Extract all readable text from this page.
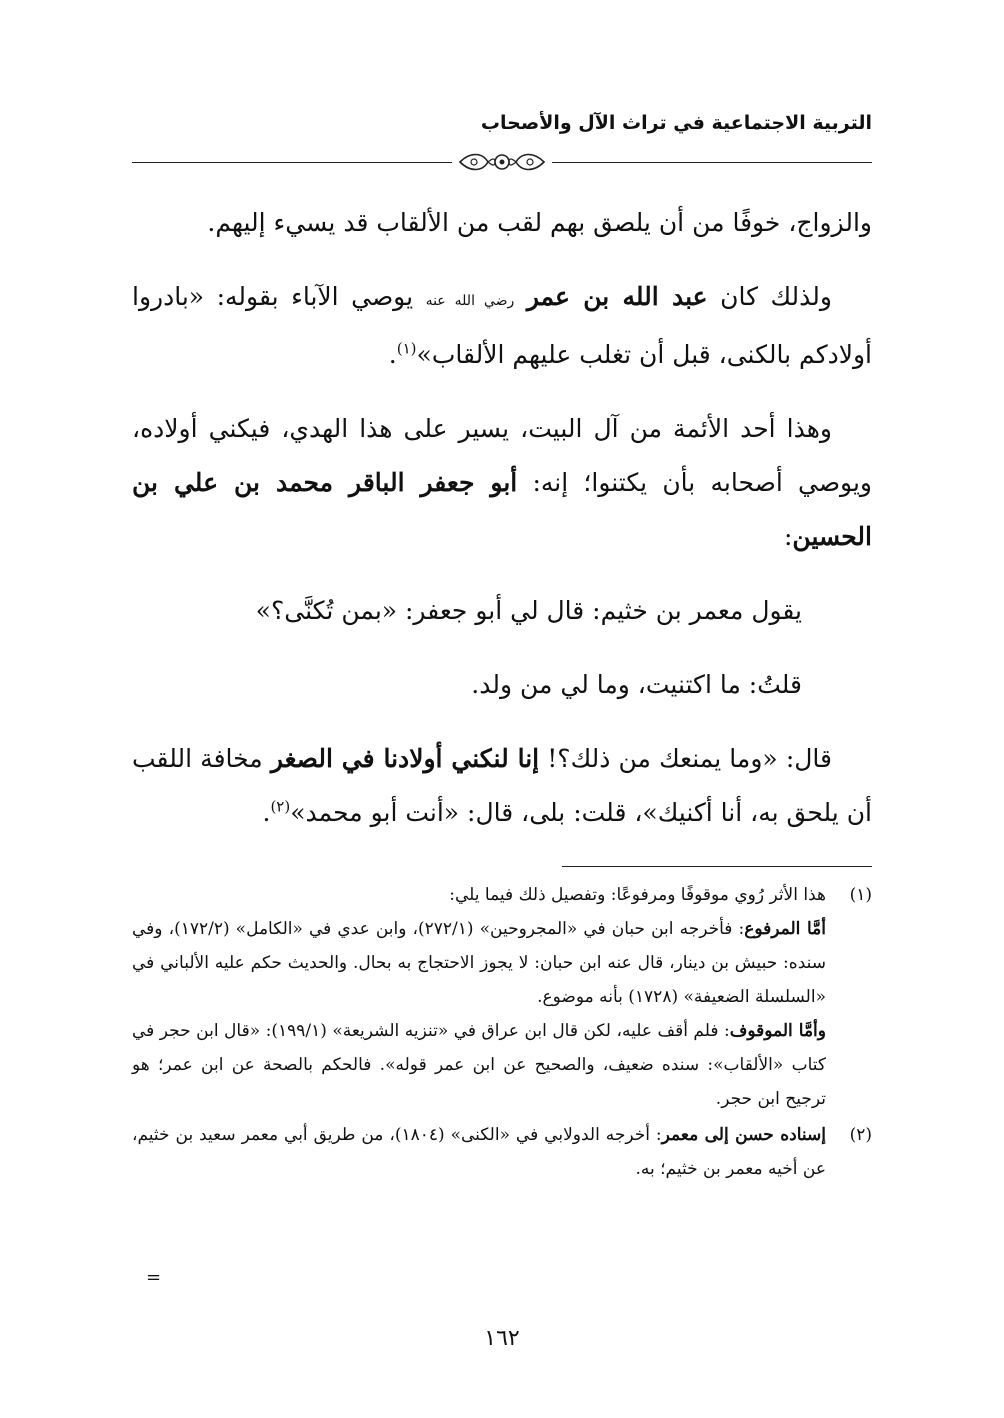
التربية الاجتماعية في تراث الآل والأصحاب

والزواج، خوفًا من أن يلصق بهم لقب من الألقاب قد يسيء إليهم.

ولذلك كان عبد الله بن عمر رضي الله عنه يوصي الآباء بقوله: «بادروا أولادكم بالكنى، قبل أن تغلب عليهم الألقاب»$^{(١)}$.

وهذا أحد الأئمة من آل البيت، يسير على هذا الهدي، فيكني أولاده، ويوصي أصحابه بأن يكتنوا؛ إنه: أبو جعفر الباقر محمد بن علي بن الحسين:

يقول معمر بن خثيم: قال لي أبو جعفر: «بمن تُكنَّى؟»

قلتُ: ما اكتنيت، وما لي من ولد.

قال: «وما يمنعك من ذلك؟! إنا لنكني أولادنا في الصغر مخافة اللقب أن يلحق به، أنا أكنيك»، قلت: بلى، قال: «أنت أبو محمد»$^{(٢)}$.

(١)

هذا الأثر رُوي موقوفًا ومرفوعًا: وتفصيل ذلك فيما يلي:

أمَّا المرفوع: فأخرجه ابن حبان في «المجروحين» (٢٧٢/١)، وابن عدي في «الكامل» (١٧٢/٢)، وفي سنده: حبيش بن دينار، قال عنه ابن حبان: لا يجوز الاحتجاج به بحال. والحديث حكم عليه الألباني في «السلسلة الضعيفة» (١٧٢٨) بأنه موضوع.

وأمَّا الموقوف: فلم أقف عليه، لكن قال ابن عراق في «تنزيه الشريعة» (١٩٩/١): «قال ابن حجر في كتاب «الألقاب»: سنده ضعيف، والصحيح عن ابن عمر قوله». فالحكم بالصحة عن ابن عمر؛ هو ترجيح ابن حجر.

(٢)

إسناده حسن إلى معمر: أخرجه الدولابي في «الكنى» (١٨٠٤)، من طريق أبي معمر سعيد بن خثيم، عن أخيه معمر بن خثيم؛ به.

=
١٦٢
